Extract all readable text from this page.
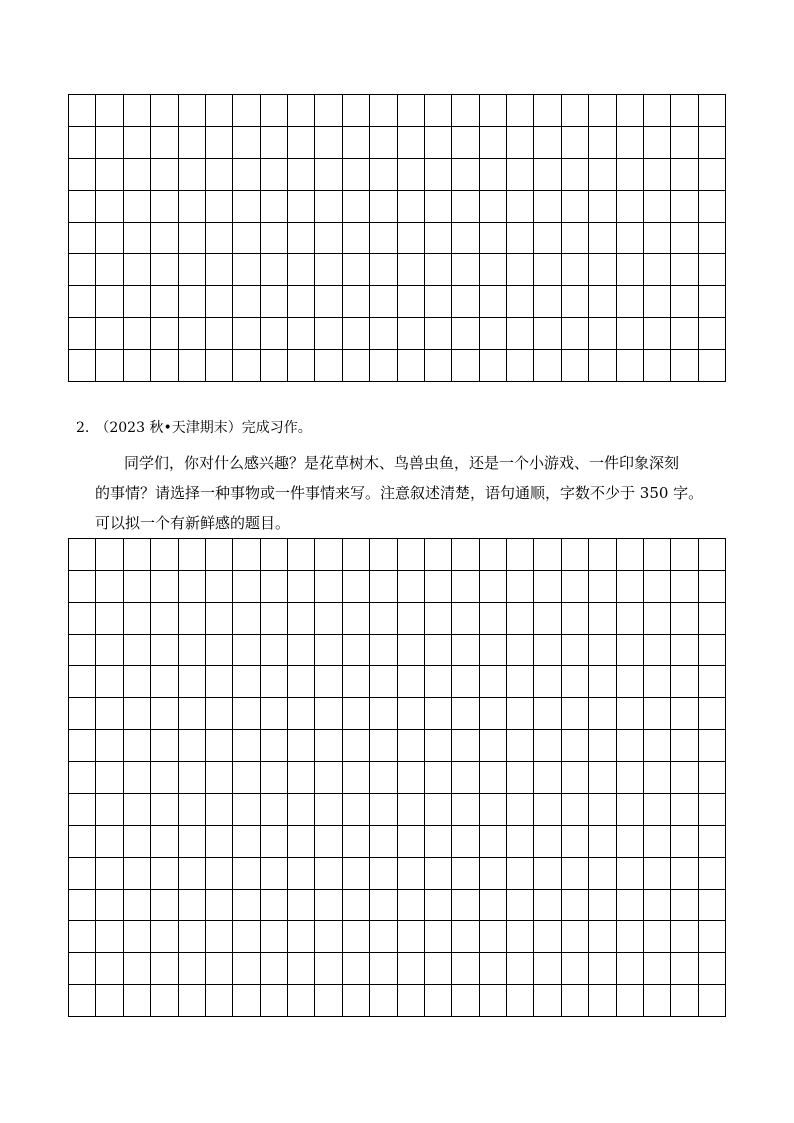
2. （2023 秋•天津期末）完成习作。
同学们，你对什么感兴趣？是花草树木、鸟兽虫鱼，还是一个小游戏、一件印象深刻
的事情？请选择一种事物或一件事情来写。注意叙述清楚，语句通顺，字数不少于 350 字。
可以拟一个有新鲜感的题目。
